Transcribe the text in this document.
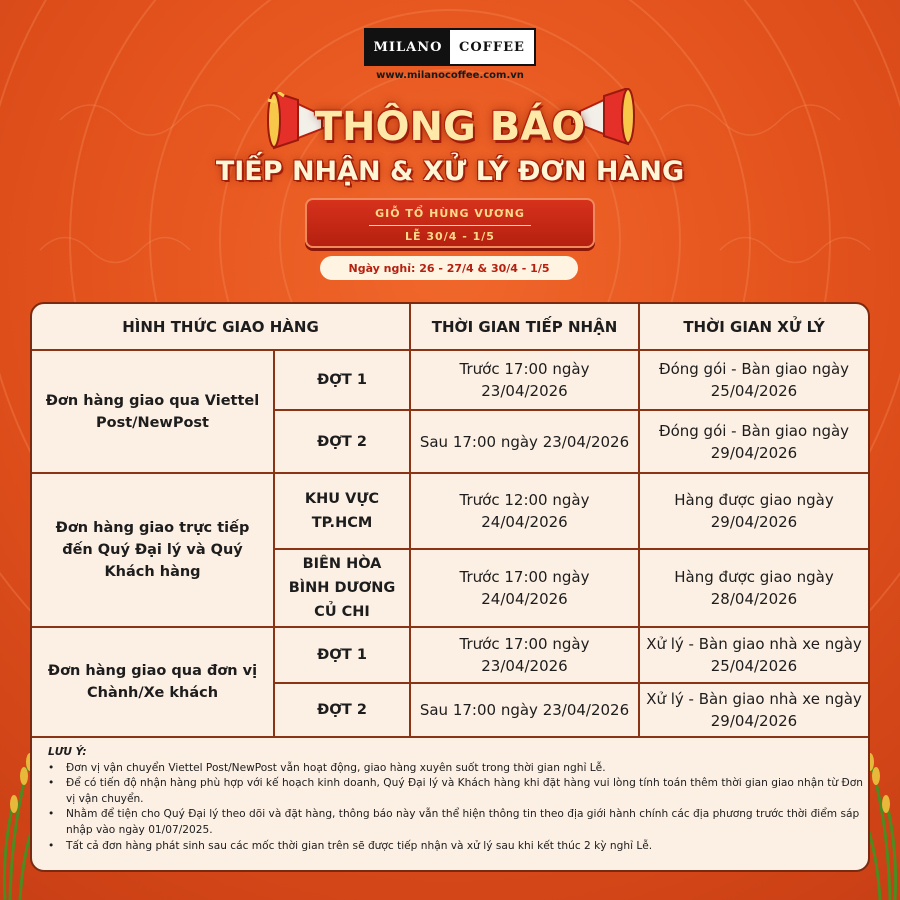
MILANO	COFFEE
www.milanocoffee.com.vn
THÔNG BÁO
TIẾP NHẬN & XỬ LÝ ĐƠN HÀNG
GIỖ TỔ HÙNG VƯƠNG
LỄ 30/4 - 1/5
Ngày nghỉ: 26 - 27/4 & 30/4 - 1/5
HÌNH THỨC GIAO HÀNG		THỜI GIAN TIẾP NHẬN	THỜI GIAN XỬ LÝ
Đơn hàng giao qua Viettel Post/NewPost	ĐỢT 1	Trước 17:00 ngày 23/04/2026	Đóng gói - Bàn giao ngày 25/04/2026
	ĐỢT 2	Sau 17:00 ngày 23/04/2026	Đóng gói - Bàn giao ngày 29/04/2026
Đơn hàng giao trực tiếp đến Quý Đại lý và Quý Khách hàng	KHU VỰC TP.HCM	Trước 12:00 ngày 24/04/2026	Hàng được giao ngày 29/04/2026
	BIÊN HÒA BÌNH DƯƠNG CỦ CHI	Trước 17:00 ngày 24/04/2026	Hàng được giao ngày 28/04/2026
Đơn hàng giao qua đơn vị Chành/Xe khách	ĐỢT 1	Trước 17:00 ngày 23/04/2026	Xử lý - Bàn giao nhà xe ngày 25/04/2026
	ĐỢT 2	Sau 17:00 ngày 23/04/2026	Xử lý - Bàn giao nhà xe ngày 29/04/2026
LƯU Ý:
•	Đơn vị vận chuyển Viettel Post/NewPost vẫn hoạt động, giao hàng xuyên suốt trong thời gian nghỉ Lễ.
•	Để có tiến độ nhận hàng phù hợp với kế hoạch kinh doanh, Quý Đại lý và Khách hàng khi đặt hàng vui lòng tính toán thêm thời gian giao nhận từ Đơn vị vận chuyển.
•	Nhằm để tiện cho Quý Đại lý theo dõi và đặt hàng, thông báo này vẫn thể hiện thông tin theo địa giới hành chính các địa phương trước thời điểm sáp nhập vào ngày 01/07/2025.
•	Tất cả đơn hàng phát sinh sau các mốc thời gian trên sẽ được tiếp nhận và xử lý sau khi kết thúc 2 kỳ nghỉ Lễ.
